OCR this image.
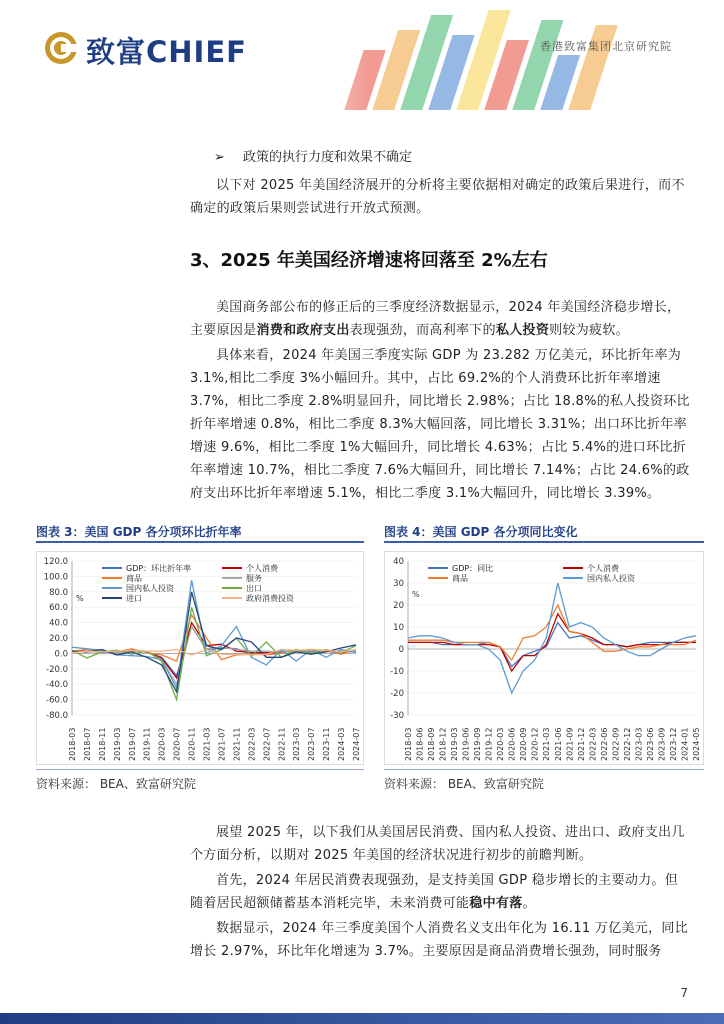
致富CHIEF	香港致富集团北京研究院
➢ 政策的执行力度和效果不确定
以下对 2025 年美国经济展开的分析将主要依据相对确定的政策后果进行，而不确定的政策后果则尝试进行开放式预测。
3、2025 年美国经济增速将回落至 2%左右
美国商务部公布的修正后的三季度经济数据显示，2024 年美国经济稳步增长，主要原因是消费和政府支出表现强劲，而高利率下的私人投资则较为疲软。
具体来看，2024 年美国三季度实际 GDP 为 23.282 万亿美元，环比折年率为 3.1%,相比二季度 3%小幅回升。其中，占比 69.2%的个人消费环比折年率增速 3.7%，相比二季度 2.8%明显回升，同比增长 2.98%；占比 18.8%的私人投资环比折年率增速 0.8%，相比二季度 8.3%大幅回落，同比增长 3.31%；出口环比折年率增速 9.6%，相比二季度 1%大幅回升，同比增长 4.63%；占比 5.4%的进口环比折年率增速 10.7%，相比二季度 7.6%大幅回升，同比增长 7.14%；占比 24.6%的政府支出环比折年率增速 5.1%，相比二季度 3.1%大幅回升，同比增长 3.39%。
图表 3：美国 GDP 各分项环比折年率	图表 4：美国 GDP 各分项同比变化
120.0
100.0
80.0
60.0
40.0
20.0
0.0
-20.0
-40.0
-60.0
-80.0
2018-03 2018-07 2018-11 2019-03 2019-07 2019-11 2020-03 2020-07 2020-11 2021-03 2021-07 2021-11 2022-03 2022-07 2022-11 2023-03 2023-07 2023-11 2024-03 2024-07
%
GDP：环比折年率	个人消费
商品	服务
国内私人投资	出口
进口	政府消费投资
40
30
20
10
0
-10
-20
-30
2018-03 2018-06 2018-09 2018-12 2019-03 2019-06 2019-09 2019-12 2020-03 2020-06 2020-09 2020-12 2021-03 2021-06 2021-09 2021-12 2022-03 2022-06 2022-09 2022-12 2023-03 2023-06 2023-09 2023-12 2024-01 2024-05
%
GDP：同比	个人消费
商品	国内私人投资
资料来源： BEA、致富研究院	资料来源： BEA、致富研究院
展望 2025 年，以下我们从美国居民消费、国内私人投资、进出口、政府支出几个方面分析，以期对 2025 年美国的经济状况进行初步的前瞻判断。
首先，2024 年居民消费表现强劲，是支持美国 GDP 稳步增长的主要动力。但随着居民超额储蓄基本消耗完毕，未来消费可能稳中有落。
数据显示，2024 年三季度美国个人消费名义支出年化为 16.11 万亿美元，同比增长 2.97%，环比年化增速为 3.7%。主要原因是商品消费增长强劲，同时服务
7
